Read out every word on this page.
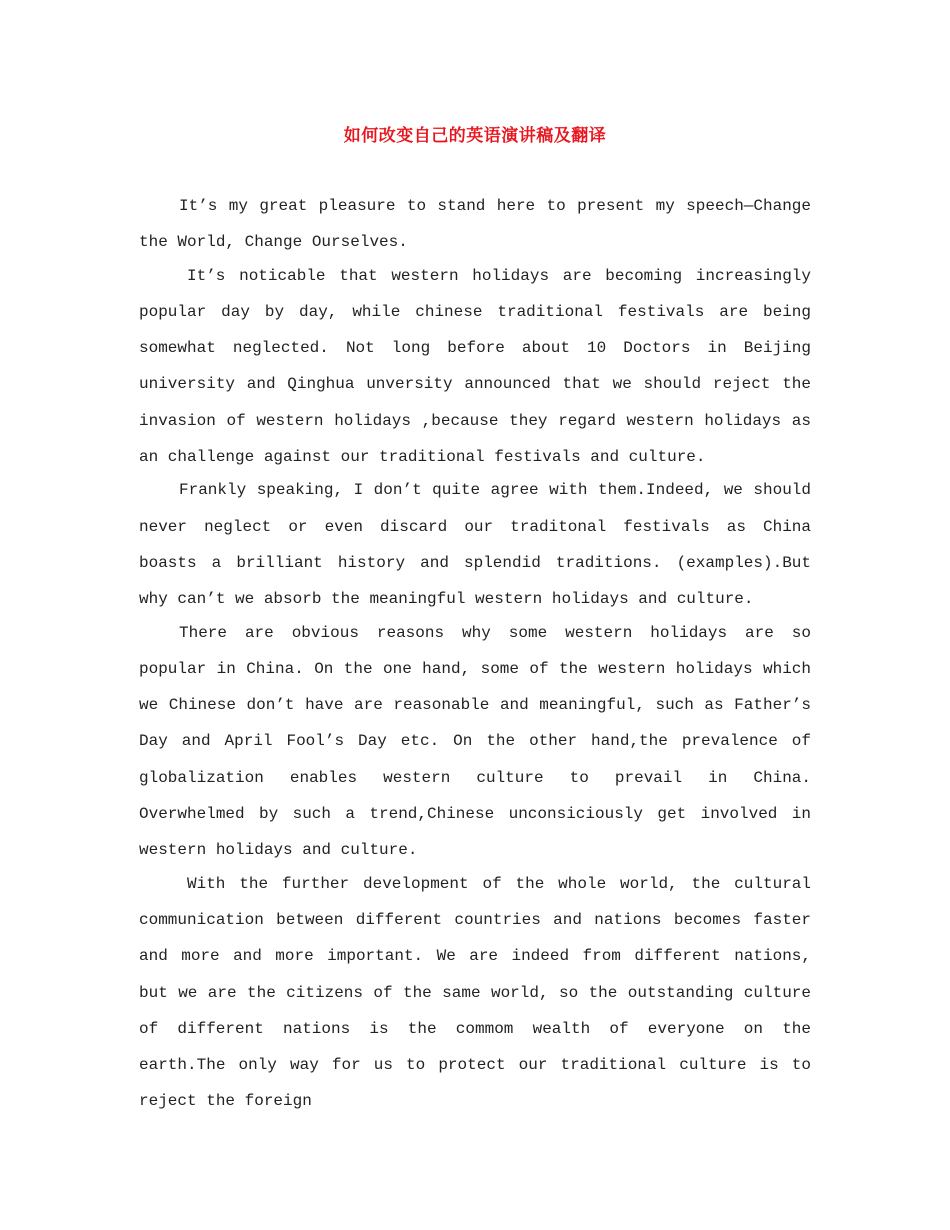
如何改变自己的英语演讲稿及翻译

It’s my great pleasure to stand here to present my speech—Change the World, Change Ourselves.

It’s noticable that western holidays are becoming increasingly popular day by day, while chinese traditional festivals are being somewhat neglected. Not long before about 10 Doctors in Beijing university and Qinghua unversity announced that we should reject the invasion of western holidays ,because they regard western holidays as an challenge against our traditional festivals and culture.

Frankly speaking, I don’t quite agree with them.Indeed, we should never neglect or even discard our traditonal festivals as China boasts a brilliant history and splendid traditions. (examples).But why can’t we absorb the meaningful western holidays and culture.

There are obvious reasons why some western holidays are so popular in China. On the one hand, some of the western holidays which we Chinese don’t have are reasonable and meaningful, such as Father’s Day and April Fool’s Day etc. On the other hand,the prevalence of globalization enables western culture to prevail in China. Overwhelmed by such a trend,Chinese unconsiciously get involved in western holidays and culture.

With the further development of the whole world, the cultural communication between different countries and nations becomes faster and more and more important. We are indeed from different nations, but we are the citizens of the same world, so the outstanding culture of different nations is the commom wealth of everyone on the earth.The only way for us to protect our traditional culture is to reject the foreign
